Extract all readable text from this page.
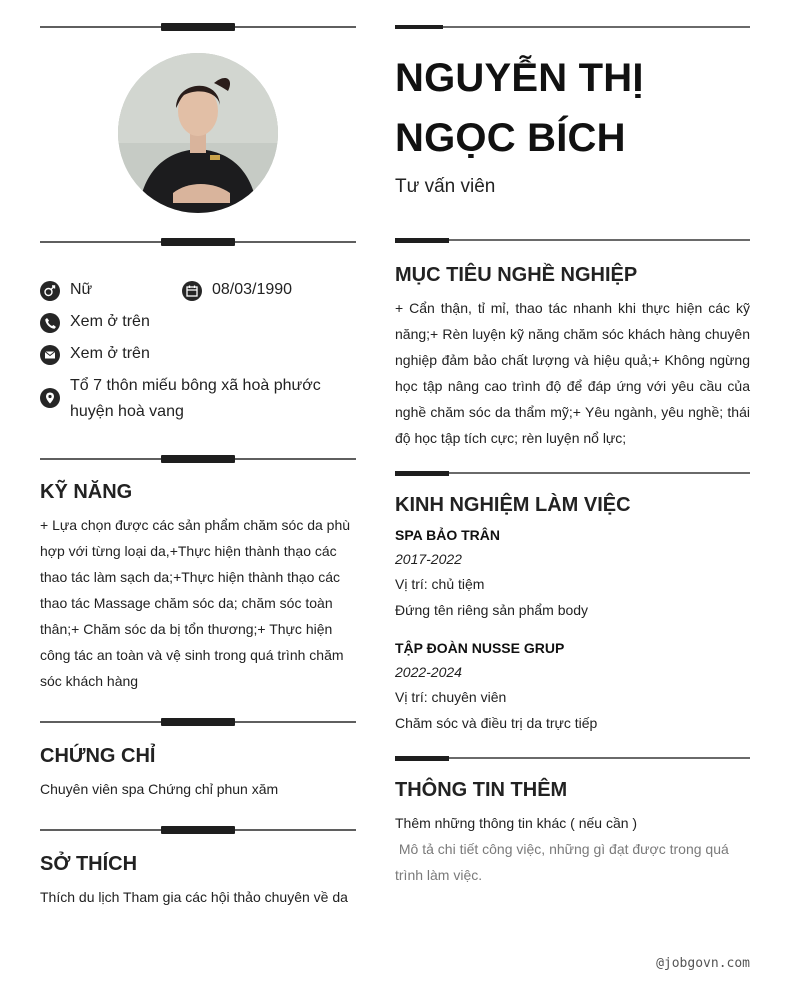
Nữ	08/03/1990
Xem ở trên
Xem ở trên
Tổ 7 thôn miếu bông xã hoà phước huyện hoà vang
KỸ NĂNG
+ Lựa chọn được các sản phẩm chăm sóc da phù hợp với từng loại da,+Thực hiện thành thạo các thao tác làm sạch da;+Thực hiện thành thạo các thao tác Massage chăm sóc da; chăm sóc toàn thân;+ Chăm sóc da bị tổn thương;+ Thực hiện công tác an toàn và vệ sinh trong quá trình chăm sóc khách hàng
CHỨNG CHỈ
Chuyên viên spa Chứng chỉ phun xăm
SỞ THÍCH
Thích du lịch Tham gia các hội thảo chuyên về da
NGUYỄN THỊ NGỌC BÍCH
Tư vấn viên
MỤC TIÊU NGHỀ NGHIỆP
+ Cẩn thận, tỉ mỉ, thao tác nhanh khi thực hiện các kỹ năng;+ Rèn luyện kỹ năng chăm sóc khách hàng chuyên nghiệp đảm bảo chất lượng và hiệu quả;+ Không ngừng học tập nâng cao trình độ để đáp ứng với yêu cầu của nghề chăm sóc da thẩm mỹ;+ Yêu ngành, yêu nghề; thái độ học tập tích cực; rèn luyện nổ lực;
KINH NGHIỆM LÀM VIỆC
SPA BẢO TRÂN
2017-2022
Vị trí: chủ tiệm
Đứng tên riêng sản phẩm body
TẬP ĐOÀN NUSSE GRUP
2022-2024
Vị trí: chuyên viên
Chăm sóc và điều trị da trực tiếp
THÔNG TIN THÊM
Thêm những thông tin khác ( nếu cần )
Mô tả chi tiết công việc, những gì đạt được trong quá trình làm việc.
@jobgovn.com
